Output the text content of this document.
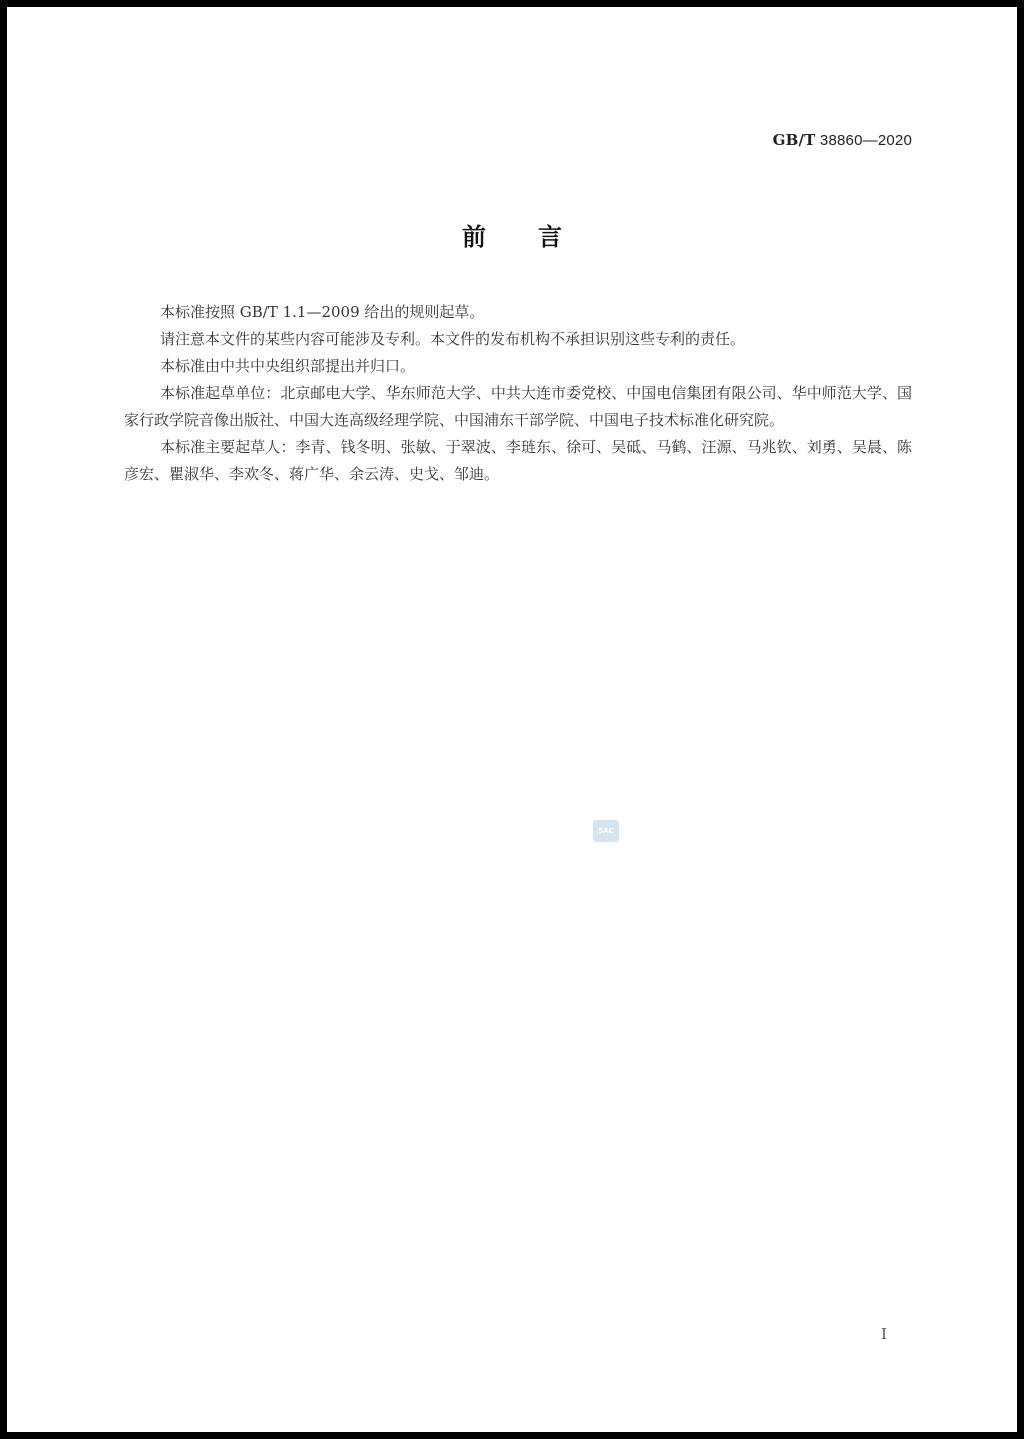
GB/T 38860—2020
前言

本标准按照 GB/T 1.1—2009 给出的规则起草。

请注意本文件的某些内容可能涉及专利。本文件的发布机构不承担识别这些专利的责任。

本标准由中共中央组织部提出并归口。

本标准起草单位：北京邮电大学、华东师范大学、中共大连市委党校、中国电信集团有限公司、华中师范大学、国家行政学院音像出版社、中国大连高级经理学院、中国浦东干部学院、中国电子技术标准化研究院。

本标准主要起草人：李青、钱冬明、张敏、于翠波、李琏东、徐可、吴砥、马鹤、汪源、马兆钦、刘勇、吴晨、陈彦宏、瞿淑华、李欢冬、蒋广华、余云涛、史戈、邹迪。

SAC
I
